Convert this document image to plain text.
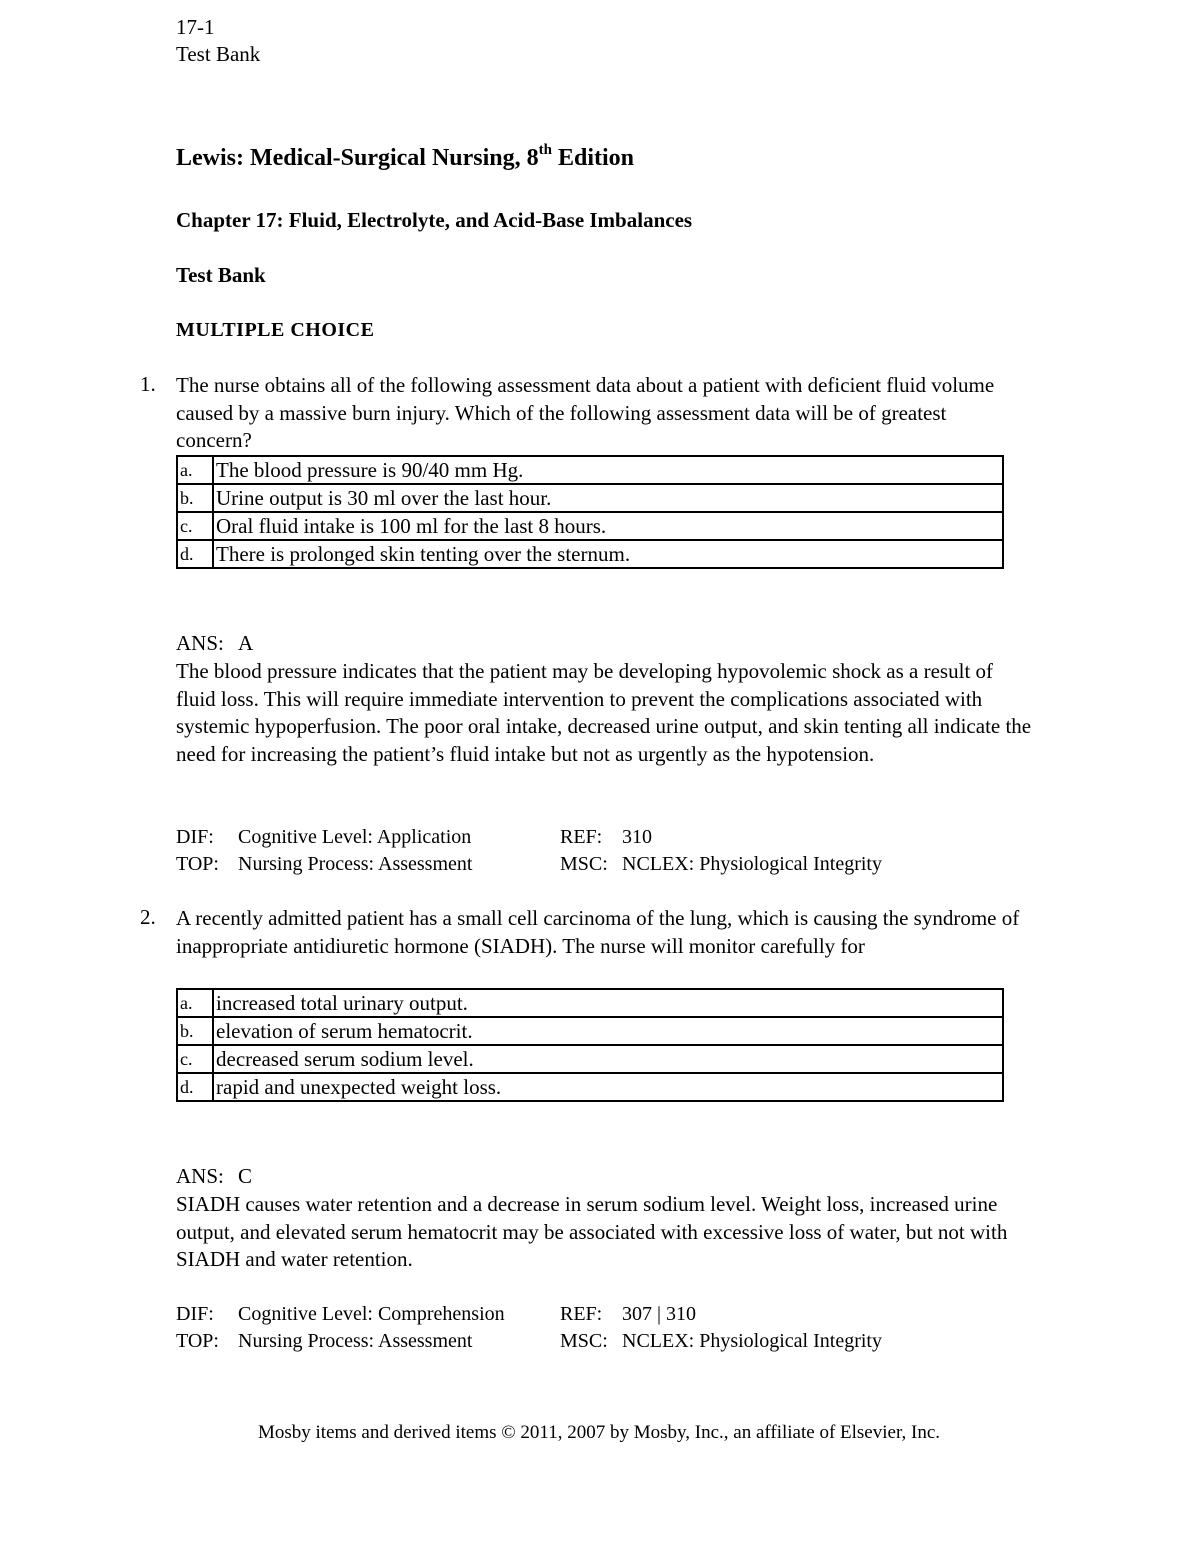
17-1
Test Bank
Lewis: Medical-Surgical Nursing, 8th Edition
Chapter 17: Fluid, Electrolyte, and Acid-Base Imbalances
Test Bank
MULTIPLE CHOICE
1. The nurse obtains all of the following assessment data about a patient with deficient fluid volume caused by a massive burn injury. Which of the following assessment data will be of greatest concern?
a.	The blood pressure is 90/40 mm Hg.
b.	Urine output is 30 ml over the last hour.
c.	Oral fluid intake is 100 ml for the last 8 hours.
d.	There is prolonged skin tenting over the sternum.
ANS: A
The blood pressure indicates that the patient may be developing hypovolemic shock as a result of fluid loss. This will require immediate intervention to prevent the complications associated with systemic hypoperfusion. The poor oral intake, decreased urine output, and skin tenting all indicate the need for increasing the patient’s fluid intake but not as urgently as the hypotension.
DIF: Cognitive Level: Application	REF: 310
TOP: Nursing Process: Assessment	MSC: NCLEX: Physiological Integrity
2. A recently admitted patient has a small cell carcinoma of the lung, which is causing the syndrome of inappropriate antidiuretic hormone (SIADH). The nurse will monitor carefully for
a.	increased total urinary output.
b.	elevation of serum hematocrit.
c.	decreased serum sodium level.
d.	rapid and unexpected weight loss.
ANS: C
SIADH causes water retention and a decrease in serum sodium level. Weight loss, increased urine output, and elevated serum hematocrit may be associated with excessive loss of water, but not with SIADH and water retention.
DIF: Cognitive Level: Comprehension	REF: 307 | 310
TOP: Nursing Process: Assessment	MSC: NCLEX: Physiological Integrity
Mosby items and derived items © 2011, 2007 by Mosby, Inc., an affiliate of Elsevier, Inc.
